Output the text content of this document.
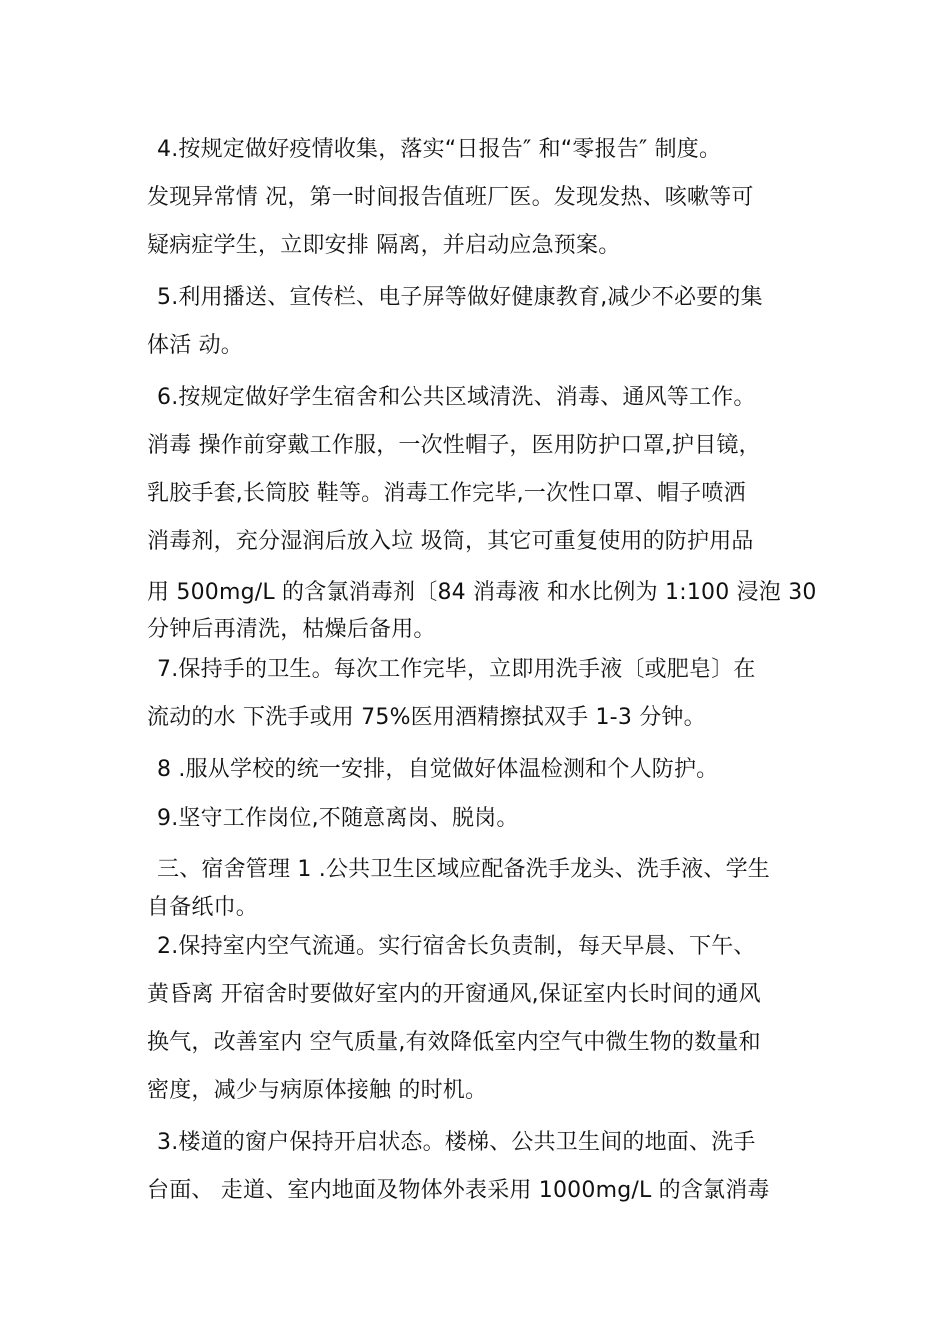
4.按规定做好疫情收集，落实“日报告″ 和“零报告″ 制度。
发现异常情 况，第一时间报告值班厂医。发现发热、咳嗽等可
疑病症学生，立即安排 隔离，并启动应急预案。
5.利用播送、宣传栏、电子屏等做好健康教育,减少不必要的集
体活 动。
6.按规定做好学生宿舍和公共区域清洗、消毒、通风等工作。
消毒 操作前穿戴工作服，一次性帽子，医用防护口罩,护目镜，
乳胶手套,长筒胶 鞋等。消毒工作完毕,一次性口罩、帽子喷洒
消毒剂，充分湿润后放入垃 圾筒，其它可重复使用的防护用品
用 500mg/L 的含氯消毒剂〔84 消毒液 和水比例为 1:100 浸泡 30
分钟后再清洗，枯燥后备用。
7.保持手的卫生。每次工作完毕，立即用洗手液〔或肥皂〕在
流动的水 下洗手或用 75%医用酒精擦拭双手 1-3 分钟。
8 .服从学校的统一安排，自觉做好体温检测和个人防护。
9.坚守工作岗位,不随意离岗、脱岗。
三、宿舍管理 1 .公共卫生区域应配备洗手龙头、洗手液、学生
自备纸巾。
2.保持室内空气流通。实行宿舍长负责制，每天早晨、下午、
黄昏离 开宿舍时要做好室内的开窗通风,保证室内长时间的通风
换气，改善室内 空气质量,有效降低室内空气中微生物的数量和
密度，减少与病原体接触 的时机。
3.楼道的窗户保持开启状态。楼梯、公共卫生间的地面、洗手
台面、 走道、室内地面及物体外表采用 1000mg/L 的含氯消毒
